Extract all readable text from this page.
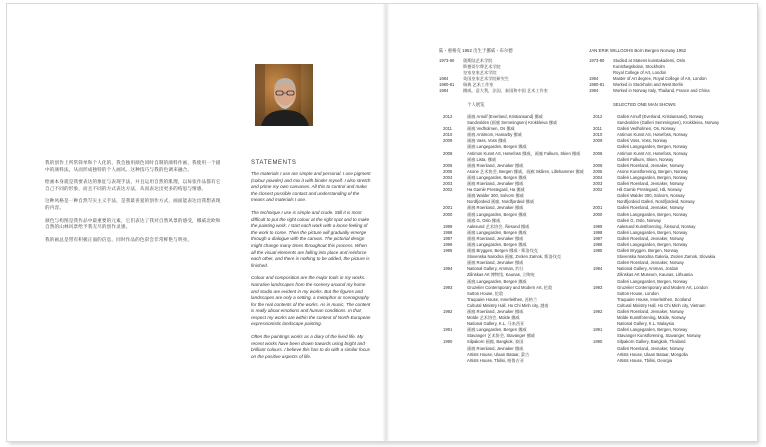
我的创作上所常简单和个人化的，我会独用颜色同时自制的颜料作画，我使用一个剧中的颜料法，从而形成独特的个人画风。这种技巧与我的色调来融合。

绘画本身就是我要表达的象征与表现手法，并且运用自然的肌理，以每张作品都有它自己不同的形象，而且不同的方式表达方法，从而表达出更多的构思与情感。

这种风格是一种自然写实主义手法，是我最喜爱的创作方式，画面能表达出我想表现的内容。

颜色与构图是我作品中最重要的元素，它们表达了我对自然风景的感受，挪威北欧和自然的山林风景给予我无尽的创作灵感。

我的画总是带有积极正面的信息，同时作品的色彩会非常鲜艳与明亮。

STATEMENTS

The materials I use are simple and personal. I use pigment (colour powder) and mix it with binder myself. I also stretch and prime my own canvases. All this to control and make the closest possible contact and understanding of the means and materials I use.

The technique I use is simple and crude. Still it is most difficult to put the right colour at the right spot and to make the painting work. I start each work with a loose feeling of the work to come. Then the picture will gradually emerge through a dialogue with the canvas. The pictorial design might change many times throughout this process. When all the visual elements are falling into place and reinforce each other, and there is nothing to be added, the picture is finished.

Colour and composition are the major tools in my works. Narrative landscapes from the scenery around my home and studio are evident in my works. But the figures and landscapes are only a setting, a metaphor or scenography for the real contents of the works. As in music. The content is really about emotions and human conditions. In that respect my works are within the context of North-European expressionistic landscape painting.

Often the paintings works as a diary of the lived life. My recent works have been drawn towards using bright and brilliant colours. I believe this has to do with a similar focus on the positive aspects of life.

陆・惠格克 1952 出生于挪威・布尔德	JAN ERIK WILLGOHS Born Bergen Norway 1952
1973-80	奥斯陆艺术学院
斯德哥尔摩艺术学院
皇家皇家艺术学院
1984	英国皇家艺术学院研究生
1980-81	瑞典 艺术工作室
1984	挪威，意大利，法国，泰国和中国 艺术工作室
1973-80	Studied at Statens kunstakademi, Oslo
Kunsthøgskolan, Stockholm
Royal College of Art, London
1984	Master of Art degree, Royal College of Art, London
1980-81	Worked in Stockholm and West Berlin
1984	Worked in Norway Italy, Thailand, France and China
个人展览	SELECTED ONE MAN SHOWS
2012	画廊 Arnulf (Everland, Kristiansand) 挪威
Sandvolden (画廊 Semmingsen) Krokkleiva 挪威
2011	画廊 Vedholmen, Os 挪威
2010	画廊 Antimom, Hamarby 挪威
2009	画廊 Vass, Voss 挪威
画廊 Langegarden, Bergen 挪威
2008	Antimon Kunst AS, Hønefoss 挪威，画廊 Falkum, Skien 挪威
画廊 Lista, 挪威
2006	画廊 Roenland, Jevnaker 挪威
2005	Asone 艺术协会, Bergen 挪威，画廊 Skåren, Lillehammer 挪威
2004	画廊 Langegarden, Bergen 挪威
2003	画廊 Roenland, Jevnaker 挪威
2002	Ha Gamle Prestegard, Ha 挪威
画廊 Walder 300, Solvorn 挪威
Nordfjordeid 画廊, Nordfjordeid 挪威
2001	画廊 Roenland, Jevnaker 挪威
2000	画廊 Langegarden, Bergen 挪威
画廊 G, Oslo 挪威
1999	Aalesund 艺术协会, Ålesund 挪威
1998	画廊 Langegarden, Bergen 挪威
1997	画廊 Roenland, Jevnaker 挪威
1996	画廊 Langegarden, Bergen 挪威
1995	画廊 Bryggen, Bergen 挪威 - 斯洛伐克
Slovenska Narodna 画廊, Zvolen Zamok, 斯洛伐克
画廊 Roenland, Jevnaker 挪威
1994	National Gallery, Amman, 约旦
Zilinskas Art 博物馆, Kaunas, 立陶宛
画廊 Langegarden, Bergen 挪威
1993	Gruzelier Contemporary and Modern Art, 伦敦
Sutton House, 伦敦
Traquaire House, Innerleithen, 苏格兰
Cultural Ministry Hall, Ho Chi Minh city, 越南
1992	画廊 Roenland, Jevnaker 挪威
Molde 艺术协会, Molde 挪威
National Gallery, K.L. 马来西亚
1991	画廊 Langegarden, Bergen 挪威
Stavanger 艺术协会, Stavanger 挪威
1990	Silpakorn 画廊, Bangkok, 泰国
画廊 Roenland, Jevnaker 挪威
Artists House, Ulaan Bataar, 蒙古
Artists House, Tbilisi, 格鲁吉亚
2012	Galleri Arnulf (Everland, Kristiansand), Norway
Sandvolden (Galleri Semmingsen), Krokkleiva, Norway
2011	Galleri Vedholmen, Os, Norway
2010	Antimon Kunst AS, Hønefoss, Norway
2009	Galleri Voss, Voss, Norway
Galleri Langegarden, Bergen, Norway
2008	Antimon Kunst AS, Hønefoss, Norway
Galleri Falkum, Skien, Norway
2006	Galleri Roenland, Jevnaker, Norway
2005	Asone Kunstforening, Bergen, Norway
2004	Galleri Langegarden, Bergen, Norway
2003	Galleri Roenland, Jevnaker, Norway
2002	Hå Gamle Prestegard, Hå, Norway
Galleri Walder 300, Solvorn, Norway
Nordfjordeid Galleri, Nordfjordeid, Norway
2001	Galleri Roenland, Jevnaker, Norway
2000	Galleri Langegarden, Bergen, Norway
Galleri G, Oslo, Norway
1999	Aalesund Kunstforening, Ålesund, Norway
1998	Galleri Langegarden, Bergen, Norway
1997	Galleri Roenland, Jevnaker, Norway
1996	Galleri Langegarden, Bergen, Norway
1995	Galleri Bryggen, Bergen, Norway
Slovenska Narodna Galeria, Zvolen Zamok, Slovakia
Galleri Roenland, Jevnaker, Norway
1994	National Gallery, Amman, Jordan
Zilinskas Art Museum, Kaunas, Lithuania
Galleri Langegarden, Bergen, Norway
1993	Gruzelier Contemporary and Modern Art, London
Sutton House, London
Traquaire House, Innerleithen, Scotland
Cultural Ministry Hall, Ho Chi Minh city, Vietnam
1992	Galleri Roenland, Jevnaker, Norway
Molde Kunstforening, Molde, Norway
National Gallery, K.L. Malaysia
1991	Galleri Langegarden, Bergen, Norway
Stavanger Kunstforening, Stavanger, Norway
1990	Silpakorn Gallery, Bangkok, Thailand
Galleri Roenland, Jevnaker, Norway
Artists House, Ulaan Bataar, Mongolia
Artists House, Tbilisi, Georgia
